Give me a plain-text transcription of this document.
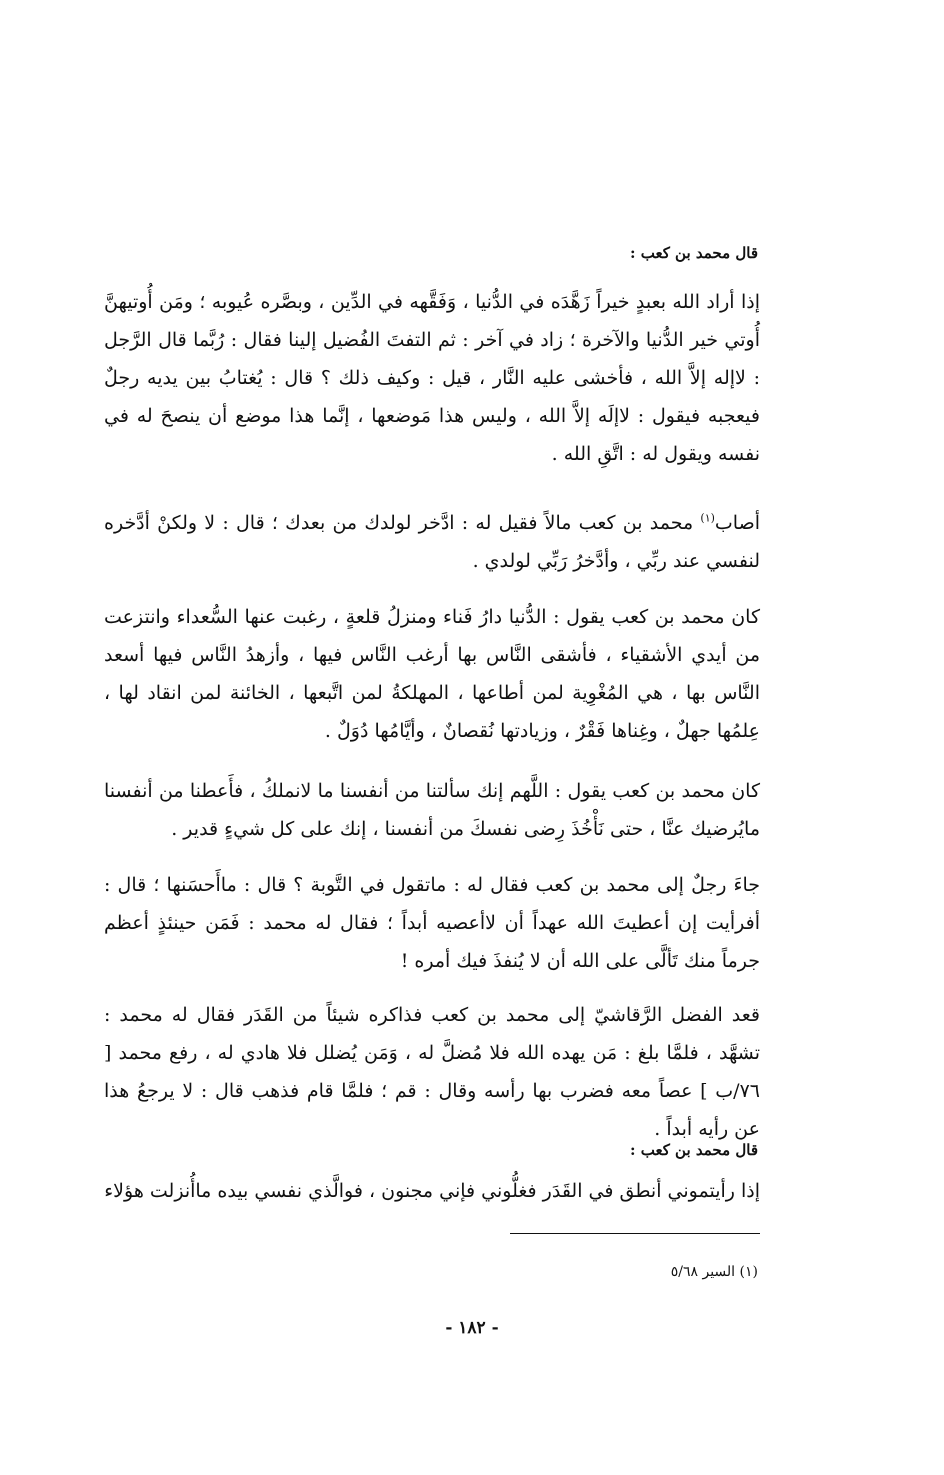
قال محمد بن كعب :

إذا أراد الله بعبدٍ خيراً زَهَّدَه في الدُّنيا ، وَفَقَّهه في الدِّين ، وبصَّره عُيوبه ؛ ومَن أُوتيهنَّ أُوتي خير الدُّنيا والآخرة ؛ زاد في آخر : ثم التفتَ الفُضيل إلينا فقال : رُبَّما قال الرَّجل : لاإله إلاَّ الله ، فأخشى عليه النَّار ، قيل : وكيف ذلك ؟ قال : يُغتابُ بين يديه رجلٌ فيعجبه فيقول : لاإلَه إلاَّ الله ، وليس هذا مَوضعها ، إنَّما هذا موضع أن ينصحَ له في نفسه ويقول له : اتَّقِ الله .

أصاب$^{(١)}$ محمد بن كعب مالاً فقيل له : ادَّخر لولدك من بعدك ؛ قال : لا ولكنْ أدَّخره لنفسي عند ربِّي ، وأدَّخرُ رَبِّي لولدي .

كان محمد بن كعب يقول : الدُّنيا دارُ فَناء ومنزلُ قلعةٍ ، رغبت عنها السُّعداء وانتزعت من أيدي الأشقياء ، فأشقى النَّاس بها أرغب النَّاس فيها ، وأزهدُ النَّاس فيها أسعد النَّاس بها ، هي المُغْوِية لمن أطاعها ، المهلكةُ لمن اتَّبعها ، الخائنة لمن انقاد لها ، عِلمُها جهلٌ ، وغِناها فَقْرٌ ، وزيادتها نُقصانٌ ، وأيَّامُها دُوَلٌ .

كان محمد بن كعب يقول : اللَّهم إنك سألتنا من أنفسنا ما لانملكُ ، فأَعطنا من أنفسنا مايُرضيك عنَّا ، حتى نَأْخُذَ رِضى نفسكَ من أنفسنا ، إنك على كل شيءٍ قدير .

جاءَ رجلٌ إلى محمد بن كعب فقال له : ماتقول في التَّوبة ؟ قال : ماأَحسَنها ؛ قال : أفرأيت إن أعطيتَ الله عهداً أن لاأعصيه أبداً ؛ فقال له محمد : فَمَن حينئذٍ أعظم جرماً منك تَألَّى على الله أن لا يُنفذَ فيك أمره !

قعد الفضل الرَّقاشيّ إلى محمد بن كعب فذاكره شيئاً من القَدَر فقال له محمد : تشهَّد ، فلمَّا بلغ : مَن يهده الله فلا مُضلَّ له ، وَمَن يُضلل فلا هادي له ، رفع محمد [ ٧٦/ب ] عصاً معه فضرب بها رأسه وقال : قم ؛ فلمَّا قام فذهب قال : لا يرجعُ هذا عن رأيه أبداً .

قال محمد بن كعب :

إذا رأيتموني أنطق في القَدَر فغلُّوني فإني مجنون ، فوالَّذي نفسي بيده ماأُنزلت هؤلاء

(١) السير ٥/٦٨

- ١٨٢ -
